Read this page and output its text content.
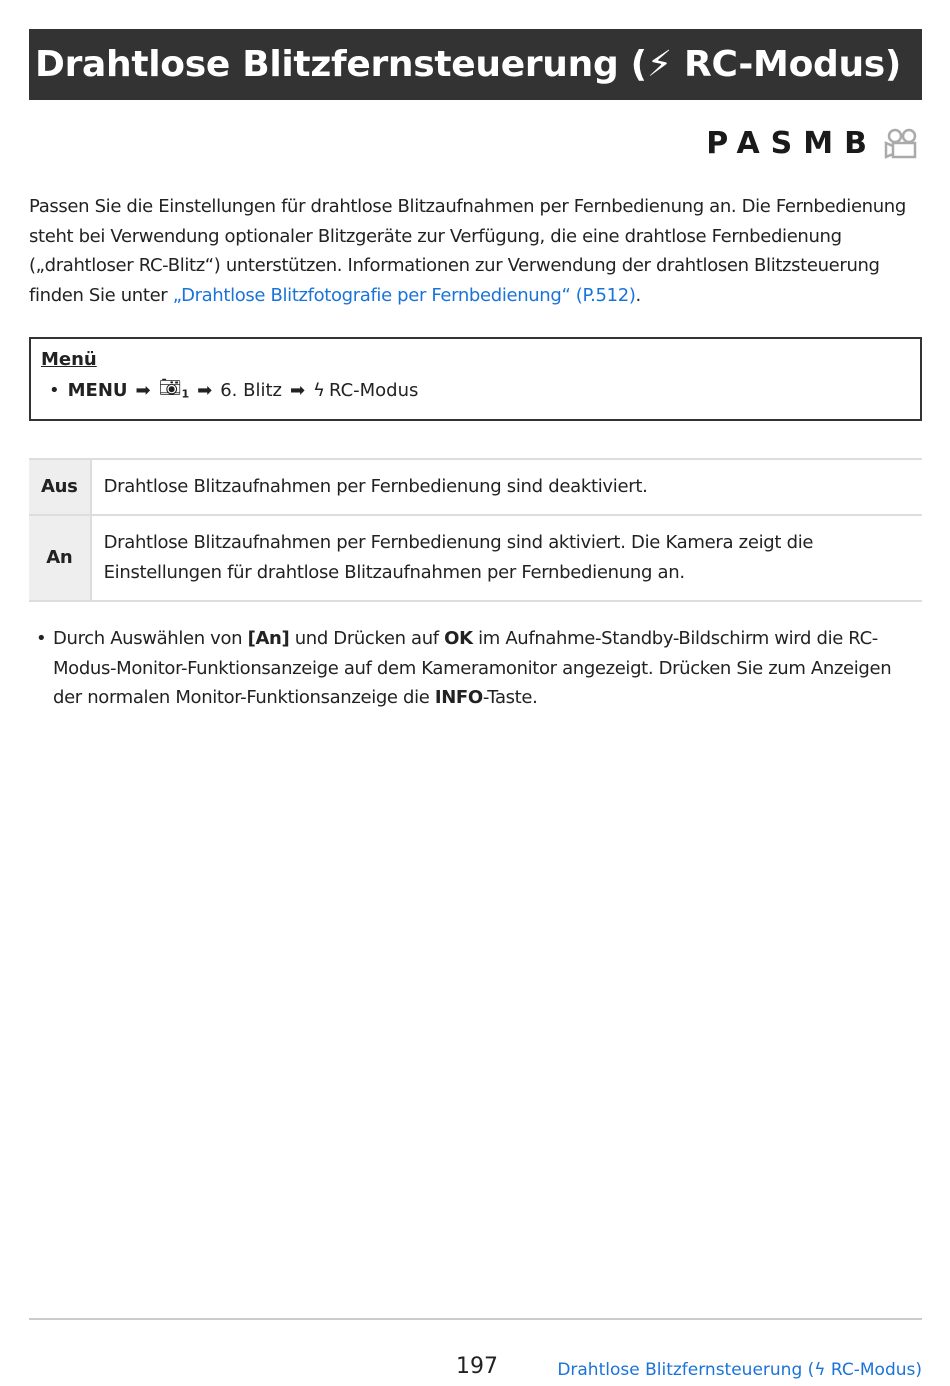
Drahtlose Blitzfernsteuerung (⚡ RC-Modus)
PASMB
Passen Sie die Einstellungen für drahtlose Blitzaufnahmen per Fernbedienung an. Die Fernbedienung steht bei Verwendung optionaler Blitzgeräte zur Verfügung, die eine drahtlose Fernbedienung („drahtloser RC-Blitz“) unterstützen. Informationen zur Verwendung der drahtlosen Blitzsteuerung finden Sie unter „Drahtlose Blitzfotografie per Fernbedienung“ (P.512).
Menü
• MENU ➡ $📷︎_1$ ➡ 6. Blitz ➡ ϟ RC-Modus
Aus	Drahtlose Blitzaufnahmen per Fernbedienung sind deaktiviert.
An	Drahtlose Blitzaufnahmen per Fernbedienung sind aktiviert. Die Kamera zeigt die Einstellungen für drahtlose Blitzaufnahmen per Fernbedienung an.
• Durch Auswählen von [An] und Drücken auf OK im Aufnahme-Standby-Bildschirm wird die RC-Modus-Monitor-Funktionsanzeige auf dem Kameramonitor angezeigt. Drücken Sie zum Anzeigen der normalen Monitor-Funktionsanzeige die INFO-Taste.
197	Drahtlose Blitzfernsteuerung (ϟ RC-Modus)
